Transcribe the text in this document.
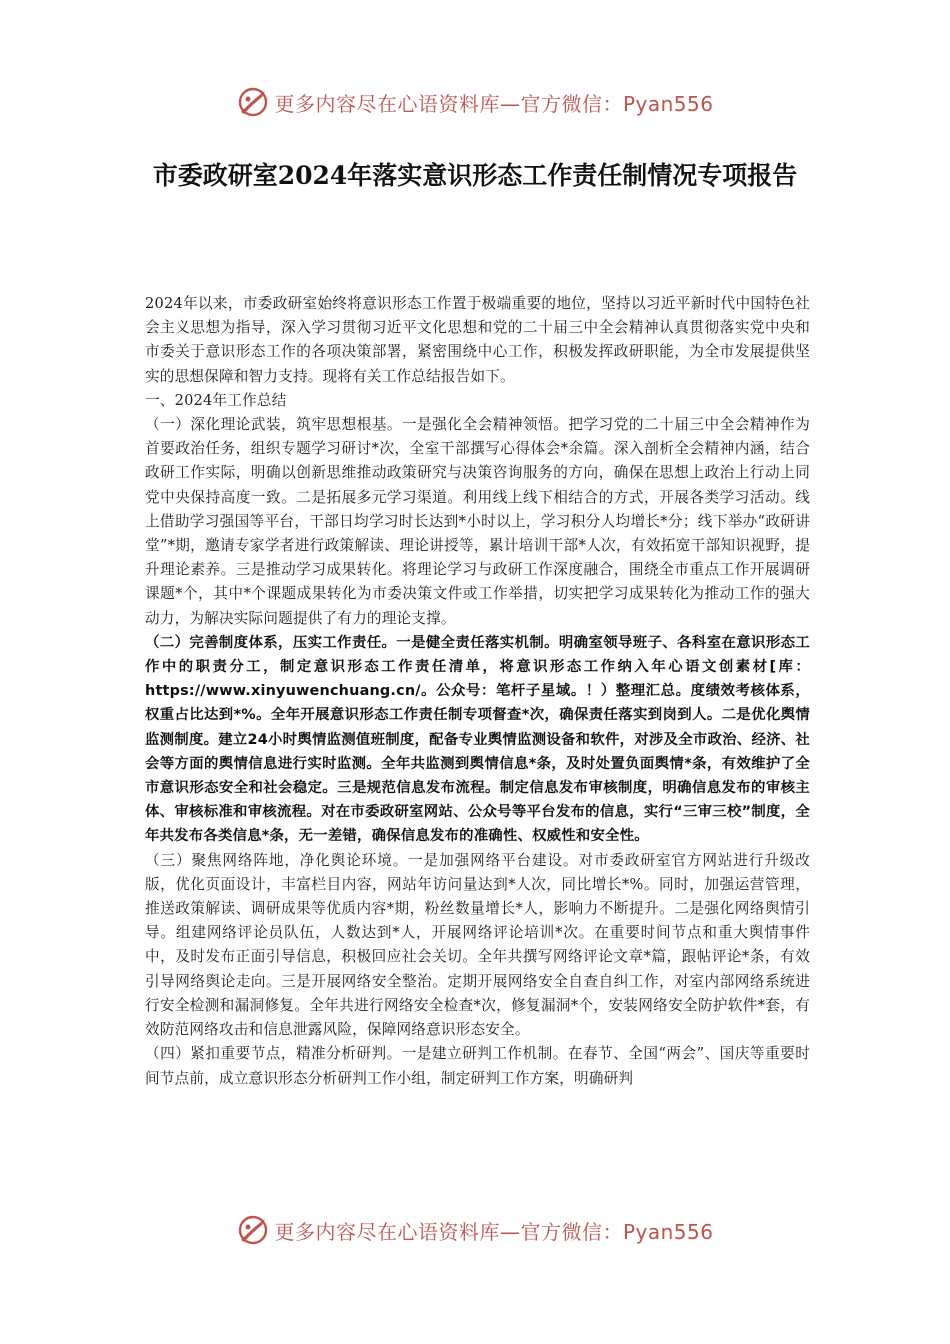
更多内容尽在心语资料库—官方微信：Pyan556
市委政研室2024年落实意识形态工作责任制情况专项报告

2024年以来，市委政研室始终将意识形态工作置于极端重要的地位，坚持以习近平新时代中国特色社会主义思想为指导，深入学习贯彻习近平文化思想和党的二十届三中全会精神认真贯彻落实党中央和市委关于意识形态工作的各项决策部署，紧密围绕中心工作，积极发挥政研职能，为全市发展提供坚实的思想保障和智力支持。现将有关工作总结报告如下。

一、2024年工作总结

（一）深化理论武装，筑牢思想根基。一是强化全会精神领悟。把学习党的二十届三中全会精神作为首要政治任务，组织专题学习研讨*次，全室干部撰写心得体会*余篇。深入剖析全会精神内涵，结合政研工作实际，明确以创新思维推动政策研究与决策咨询服务的方向，确保在思想上政治上行动上同党中央保持高度一致。二是拓展多元学习渠道。利用线上线下相结合的方式，开展各类学习活动。线上借助学习强国等平台，干部日均学习时长达到*小时以上，学习积分人均增长*分；线下举办“政研讲堂”*期，邀请专家学者进行政策解读、理论讲授等，累计培训干部*人次，有效拓宽干部知识视野，提升理论素养。三是推动学习成果转化。将理论学习与政研工作深度融合，围绕全市重点工作开展调研课题*个，其中*个课题成果转化为市委决策文件或工作举措，切实把学习成果转化为推动工作的强大动力，为解决实际问题提供了有力的理论支撑。

（二）完善制度体系，压实工作责任。一是健全责任落实机制。明确室领导班子、各科室在意识形态工作中的职责分工，制定意识形态工作责任清单，将意识形态工作纳入年心语文创素材[库：https://www.xinyuwenchuang.cn/。公众号：笔杆子星域。！）整理汇总。度绩效考核体系，权重占比达到*%。全年开展意识形态工作责任制专项督查*次，确保责任落实到岗到人。二是优化舆情监测制度。建立24小时舆情监测值班制度，配备专业舆情监测设备和软件，对涉及全市政治、经济、社会等方面的舆情信息进行实时监测。全年共监测到舆情信息*条，及时处置负面舆情*条，有效维护了全市意识形态安全和社会稳定。三是规范信息发布流程。制定信息发布审核制度，明确信息发布的审核主体、审核标准和审核流程。对在市委政研室网站、公众号等平台发布的信息，实行“三审三校”制度，全年共发布各类信息*条，无一差错，确保信息发布的准确性、权威性和安全性。

（三）聚焦网络阵地，净化舆论环境。一是加强网络平台建设。对市委政研室官方网站进行升级改版，优化页面设计，丰富栏目内容，网站年访问量达到*人次，同比增长*%。同时，加强运营管理，推送政策解读、调研成果等优质内容*期，粉丝数量增长*人，影响力不断提升。二是强化网络舆情引导。组建网络评论员队伍，人数达到*人，开展网络评论培训*次。在重要时间节点和重大舆情事件中，及时发布正面引导信息，积极回应社会关切。全年共撰写网络评论文章*篇，跟帖评论*条，有效引导网络舆论走向。三是开展网络安全整治。定期开展网络安全自查自纠工作，对室内部网络系统进行安全检测和漏洞修复。全年共进行网络安全检查*次，修复漏洞*个，安装网络安全防护软件*套，有效防范网络攻击和信息泄露风险，保障网络意识形态安全。

（四）紧扣重要节点，精准分析研判。一是建立研判工作机制。在春节、全国“两会”、国庆等重要时间节点前，成立意识形态分析研判工作小组，制定研判工作方案，明确研判

更多内容尽在心语资料库—官方微信：Pyan556
